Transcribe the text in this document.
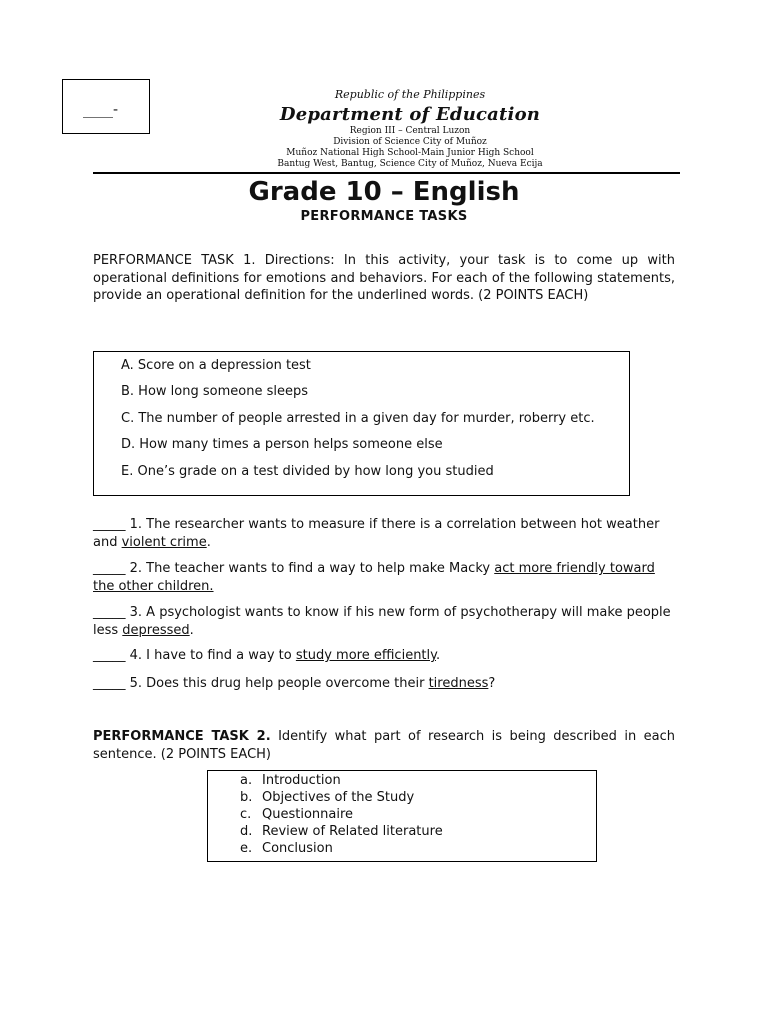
____-
Republic of the Philippines
Department of Education
Region III – Central Luzon
Division of Science City of Muñoz
Muñoz National High School-Main Junior High School
Bantug West, Bantug, Science City of Muñoz, Nueva Ecija
Grade 10 – English
PERFORMANCE TASKS
PERFORMANCE TASK 1. Directions: In this activity, your task is to come up with operational definitions for emotions and behaviors. For each of the following statements, provide an operational definition for the underlined words. (2 POINTS EACH)
A. Score on a depression test
B. How long someone sleeps
C. The number of people arrested in a given day for murder, roberry etc.
D. How many times a person helps someone else
E. One’s grade on a test divided by how long you studied
_____ 1. The researcher wants to measure if there is a correlation between hot weather and violent crime.
_____ 2. The teacher wants to find a way to help make Macky act more friendly toward the other children.
_____ 3. A psychologist wants to know if his new form of psychotherapy will make people less depressed.
_____ 4. I have to find a way to study more efficiently.
_____ 5. Does this drug help people overcome their tiredness?
PERFORMANCE TASK 2. Identify what part of research is being described in each sentence. (2 POINTS EACH)
a. Introduction
b. Objectives of the Study
c. Questionnaire
d. Review of Related literature
e. Conclusion
